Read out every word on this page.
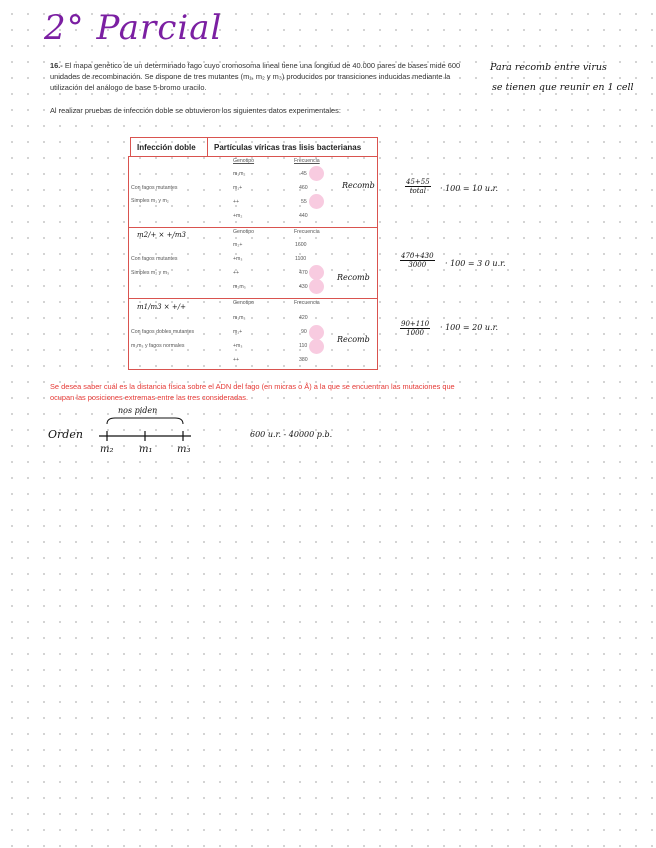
2° Parcial
16.- El mapa genético de un determinado fago cuyo cromosoma lineal tiene una longitud de 40.000 pares de bases mide 600 unidades de recombinación. Se dispone de tres mutantes (m₁, m₂ y m₃) producidos por transiciones inducidas mediante la utilización del análogo de base 5-bromo uracilo.
Al realizar pruebas de infección doble se obtuvieron los siguientes datos experimentales:
Para recomb entre virus
se tienen que reunir en 1 cell
Infección doble	Partículas víricas tras lisis bacterianas
Genotipo	Frecuencia
Con fagos mutantes
Simples m₁ y m₂
m₁m₂	45
m₁+	460
++	55
+m₂	440
Recomb
m2/+ × +/m3	Genotipo	Frecuencia
Con fagos mutantes
Simples m₂ y m₃
m₂+	1600
+m₃	1100
++	470
m₂m₃	430
Recomb
m1/m3 × +/+	Genotipo	Frecuencia
Con fagos dobles mutantes
m₁m₃ y fagos normales
m₁m₃	420
m₁+	90
+m₃	110
++	380
Recomb
45+55
total	· 100 = 10 u.r.
$\frac{470+430}{3000} \cdot 100 = 3$ 0 u.r.
$\frac{90+110}{1000} \cdot 100 = 20$ u.r.
Se desea saber cuál es la distancia física sobre el ADN del fago (en micras o Å) a la que se encuentran las mutaciones que ocupan las posiciones extremas entre las tres consideradas.
Orden
nos piden
m₂	m₁ m₃
600 u.r. - 40000 p.b.
